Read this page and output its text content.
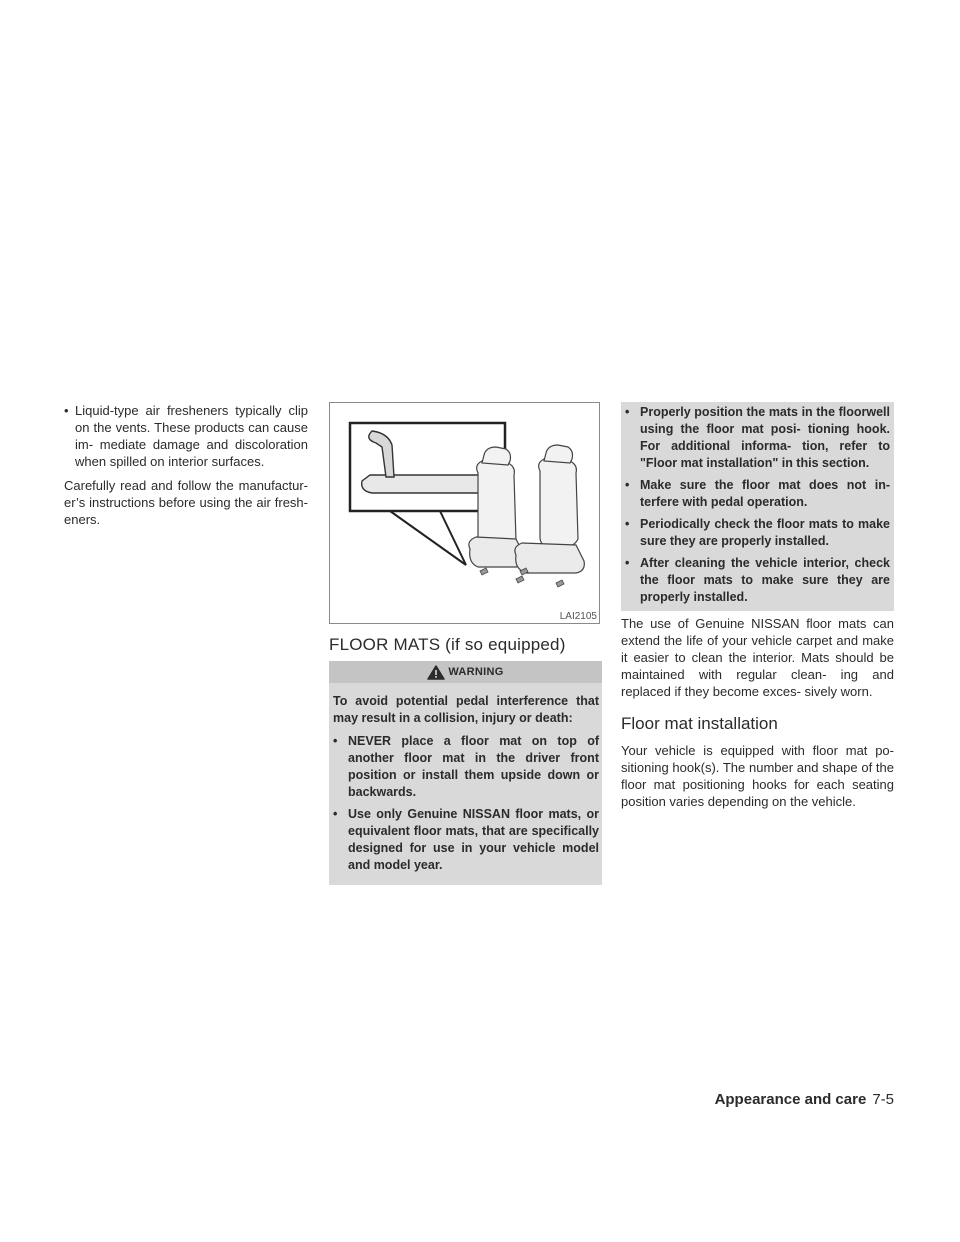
• Liquid-type air fresheners typically clip on the vents. These products can cause im- mediate damage and discoloration when spilled on interior surfaces.

Carefully read and follow the manufactur- er’s instructions before using the air fresh- eners.

LAI2105
FLOOR MATS (if so equipped)
WARNING

To avoid potential pedal interference that may result in a collision, injury or death:

• NEVER place a floor mat on top of another floor mat in the driver front position or install them upside down or backwards.
• Use only Genuine NISSAN floor mats, or equivalent floor mats, that are specifically designed for use in your vehicle model and model year.
• Properly position the mats in the floorwell using the floor mat posi- tioning hook. For additional informa- tion, refer to "Floor mat installation" in this section.
• Make sure the floor mat does not in- terfere with pedal operation.
• Periodically check the floor mats to make sure they are properly installed.
• After cleaning the vehicle interior, check the floor mats to make sure they are properly installed.

The use of Genuine NISSAN floor mats can extend the life of your vehicle carpet and make it easier to clean the interior. Mats should be maintained with regular clean- ing and replaced if they become exces- sively worn.

Floor mat installation

Your vehicle is equipped with floor mat po- sitioning hook(s). The number and shape of the floor mat positioning hooks for each seating position varies depending on the vehicle.

Appearance and care 7-5
